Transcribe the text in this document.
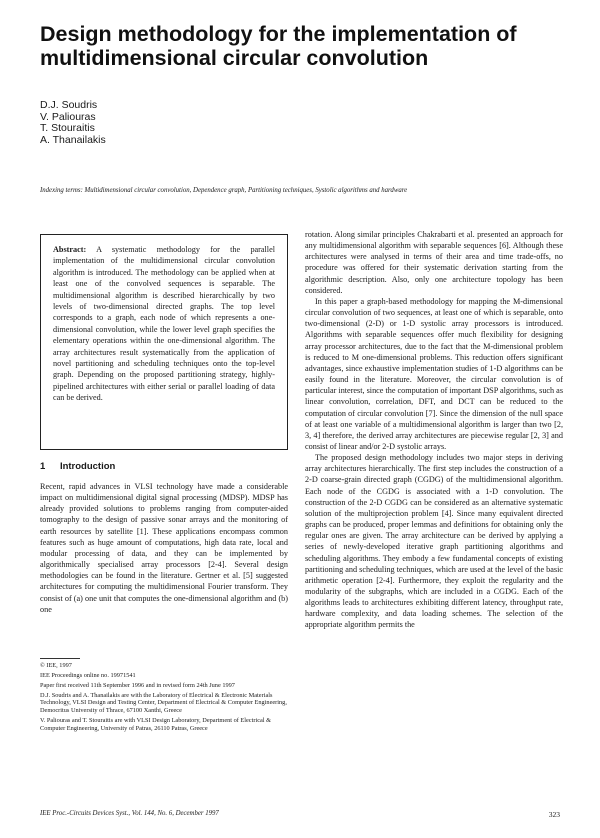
Design methodology for the implementation of multidimensional circular convolution
D.J. Soudris
V. Paliouras
T. Stouraitis
A. Thanailakis
Indexing terms: Multidimensional circular convolution, Dependence graph, Partitioning techniques, Systolic algorithms and hardware
Abstract: A systematic methodology for the parallel implementation of the multidimensional circular convolution algorithm is introduced. The methodology can be applied when at least one of the convolved sequences is separable. The multidimensional algorithm is described hierarchically by two levels of two-dimensional directed graphs. The top level corresponds to a graph, each node of which represents a one-dimensional convolution, while the lower level graph specifies the elementary operations within the one-dimensional algorithm. The array architectures result systematically from the application of novel partitioning and scheduling techniques onto the top-level graph. Depending on the proposed partitioning strategy, highly-pipelined architectures with either serial or parallel loading of data can be derived.
1 Introduction

Recent, rapid advances in VLSI technology have made a considerable impact on multidimensional digital signal processing (MDSP). MDSP has already provided solutions to problems ranging from computer-aided tomography to the design of passive sonar arrays and the monitoring of earth resources by satellite [1]. These applications encompass common features such as huge amount of computations, high data rate, local and modular processing of data, and they can be implemented by algorithmically specialised array processors [2-4]. Several design methodologies can be found in the literature. Gertner et al. [5] suggested architectures for computing the multidimensional Fourier transform. They consist of (a) one unit that computes the one-dimensional algorithm and (b) one

© IEE, 1997
IEE Proceedings online no. 19971541
Paper first received 11th September 1996 and in revised form 24th June 1997
D.J. Soudris and A. Thanailakis are with the Laboratory of Electrical & Electronic Materials Technology, VLSI Design and Testing Center, Department of Electrical & Computer Engineering, Democritus University of Thrace, 67100 Xanthi, Greece
V. Paliouras and T. Stouraitis are with VLSI Design Laboratory, Department of Electrical & Computer Engineering, University of Patras, 26110 Patras, Greece

rotation. Along similar principles Chakrabarti et al. presented an approach for any multidimensional algorithm with separable sequences [6]. Although these architectures were analysed in terms of their area and time trade-offs, no procedure was offered for their systematic derivation starting from the algorithmic description. Also, only one architecture topology has been considered.

In this paper a graph-based methodology for mapping the M-dimensional circular convolution of two sequences, at least one of which is separable, onto two-dimensional (2-D) or 1-D systolic array processors is introduced. Algorithms with separable sequences offer much flexibility for designing array processor architectures, due to the fact that the M-dimensional problem is reduced to M one-dimensional problems. This reduction offers significant advantages, since exhaustive implementation studies of 1-D algorithms can be easily found in the literature. Moreover, the circular convolution is of particular interest, since the computation of important DSP algorithms, such as linear convolution, correlation, DFT, and DCT can be reduced to the computation of circular convolution [7]. Since the dimension of the null space of at least one variable of a multidimensional algorithm is larger than two [2, 3, 4] therefore, the derived array architectures are piecewise regular [2, 3] and consist of linear and/or 2-D systolic arrays.

The proposed design methodology includes two major steps in deriving array architectures hierarchically. The first step includes the construction of a 2-D coarse-grain directed graph (CGDG) of the multidimensional algorithm. Each node of the CGDG is associated with a 1-D convolution. The construction of the 2-D CGDG can be considered as an alternative systematic solution of the multiprojection problem [4]. Since many equivalent directed graphs can be produced, proper lemmas and definitions for obtaining only the regular ones are given. The array architecture can be derived by applying a series of newly-developed iterative graph partitioning algorithms and scheduling algorithms. They embody a few fundamental concepts of existing partitioning and scheduling techniques, which are used at the level of the basic arithmetic operation [2-4]. Furthermore, they exploit the regularity and the modularity of the subgraphs, which are included in a CGDG. Each of the algorithms leads to architectures exhibiting different latency, throughput rate, hardware complexity, and data loading schemes. The selection of the appropriate algorithm permits the

IEE Proc.-Circuits Devices Syst., Vol. 144, No. 6, December 1997	323
